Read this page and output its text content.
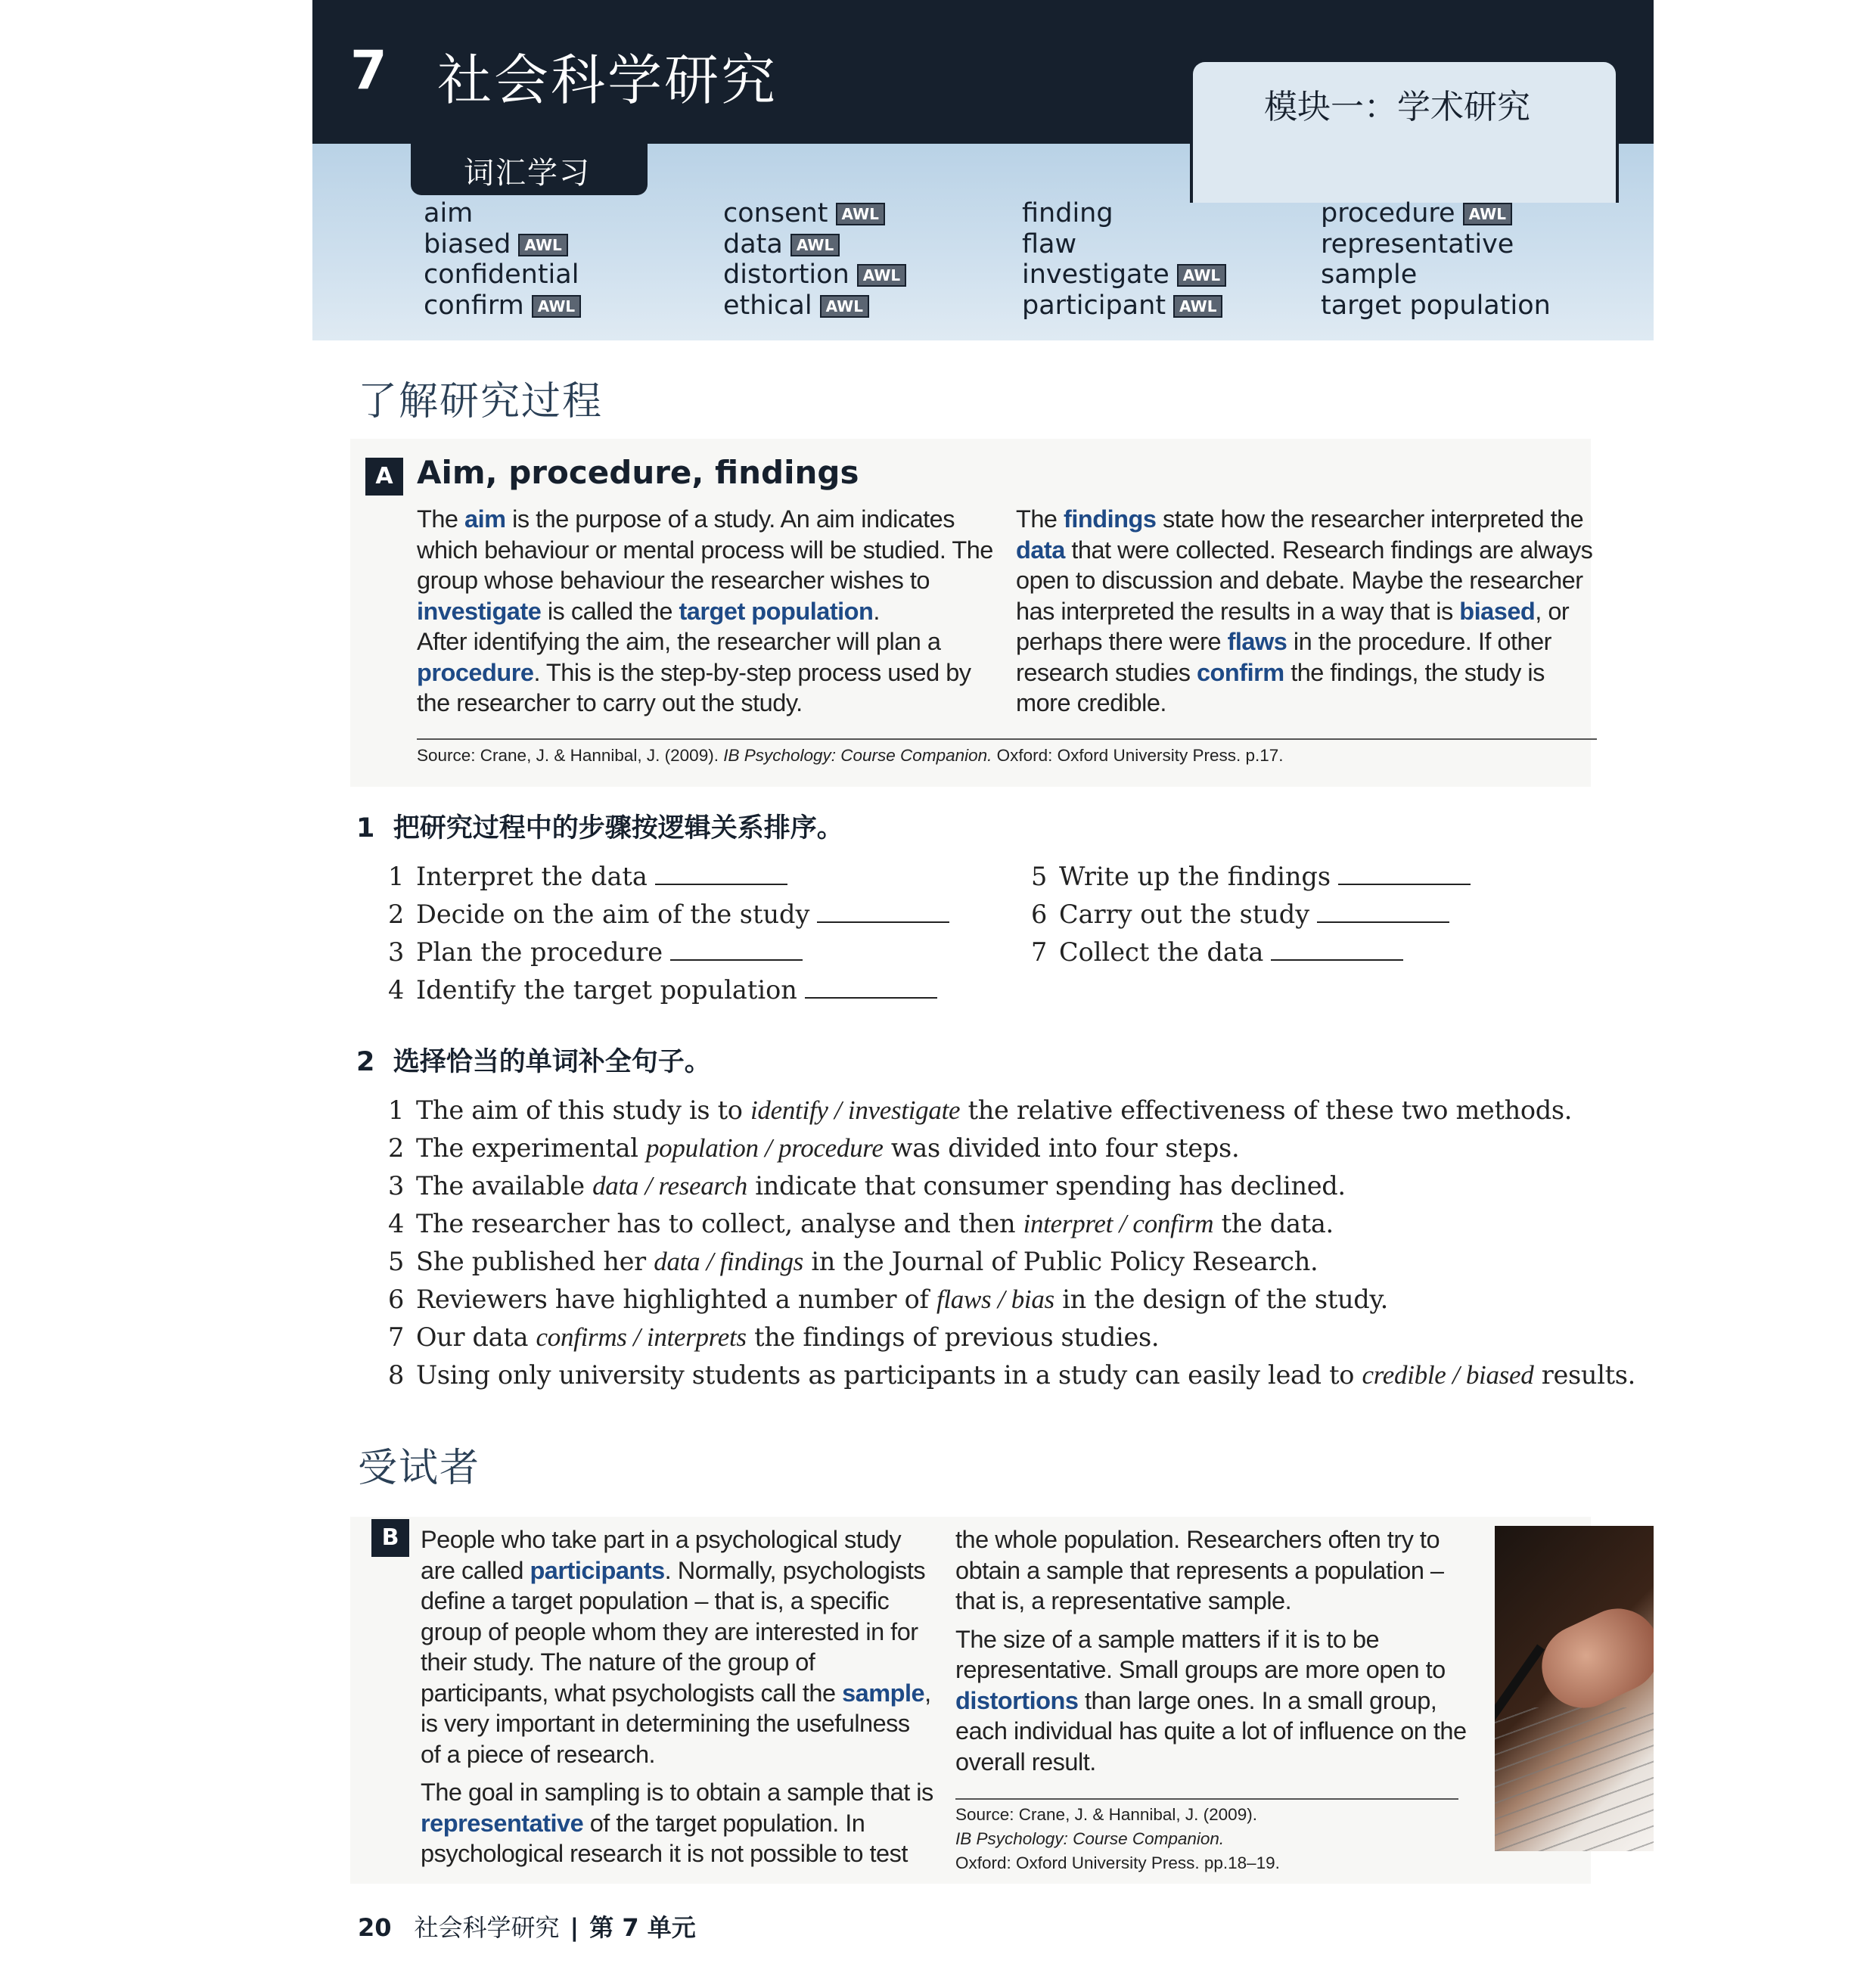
7 社会科学研究	模块一：学术研究
词汇学习
aim
biased AWL
confidential
confirm AWL
consent AWL
data AWL
distortion AWL
ethical AWL
finding
flaw
investigate AWL
participant AWL
procedure AWL
representative
sample
target population
了解研究过程
A Aim, procedure, findings

The aim is the purpose of a study. An aim indicates which behaviour or mental process will be studied. The group whose behaviour the researcher wishes to investigate is called the target population.

After identifying the aim, the researcher will plan a procedure. This is the step-by-step process used by the researcher to carry out the study.

The findings state how the researcher interpreted the data that were collected. Research findings are always open to discussion and debate. Maybe the researcher has interpreted the results in a way that is biased, or perhaps there were flaws in the procedure. If other research studies confirm the findings, the study is more credible.

Source: Crane, J. & Hannibal, J. (2009). IB Psychology: Course Companion. Oxford: Oxford University Press. p.17.
1 把研究过程中的步骤按逻辑关系排序。
1 Interpret the data
2 Decide on the aim of the study
3 Plan the procedure
4 Identify the target population
5 Write up the findings
6 Carry out the study
7 Collect the data
2 选择恰当的单词补全句子。
1 The aim of this study is to identify / investigate the relative effectiveness of these two methods.
2 The experimental population / procedure was divided into four steps.
3 The available data / research indicate that consumer spending has declined.
4 The researcher has to collect, analyse and then interpret / confirm the data.
5 She published her data / findings in the Journal of Public Policy Research.
6 Reviewers have highlighted a number of flaws / bias in the design of the study.
7 Our data confirms / interprets the findings of previous studies.
8 Using only university students as participants in a study can easily lead to credible / biased results.
受试者
B People who take part in a psychological study are called participants. Normally, psychologists define a target population – that is, a specific group of people whom they are interested in for their study. The nature of the group of participants, what psychologists call the sample, is very important in determining the usefulness of a piece of research.

The goal in sampling is to obtain a sample that is representative of the target population. In psychological research it is not possible to test

the whole population. Researchers often try to obtain a sample that represents a population – that is, a representative sample.

The size of a sample matters if it is to be representative. Small groups are more open to distortions than large ones. In a small group, each individual has quite a lot of influence on the overall result.

Source: Crane, J. & Hannibal, J. (2009).
IB Psychology: Course Companion.
Oxford: Oxford University Press. pp.18–19.
20 社会科学研究 | 第 7 单元
